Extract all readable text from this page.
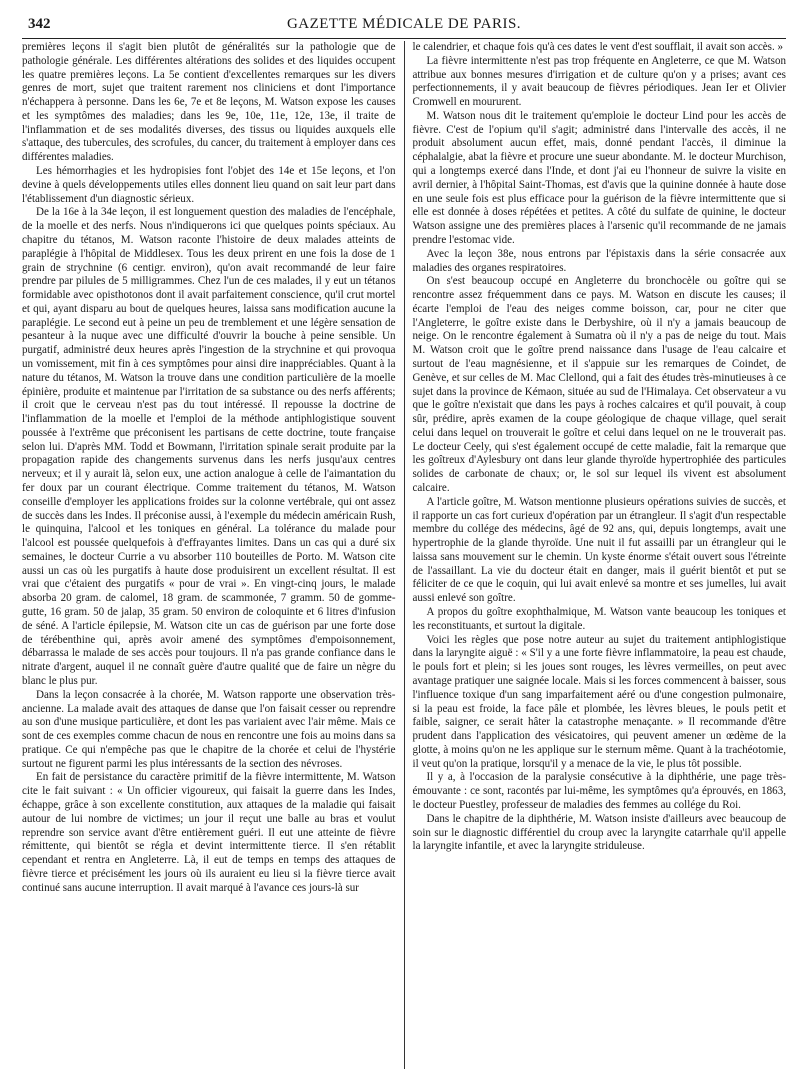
342	GAZETTE MÉDICALE DE PARIS.

premières leçons il s'agit bien plutôt de généralités sur la pathologie que de pathologie générale. Les différentes altérations des solides et des liquides occupent les quatre premières leçons. La 5e contient d'excellentes remarques sur les divers genres de mort, sujet que traitent rarement nos cliniciens et dont l'importance n'échappera à personne. Dans les 6e, 7e et 8e leçons, M. Watson expose les causes et les symptômes des maladies; dans les 9e, 10e, 11e, 12e, 13e, il traite de l'inflammation et de ses modalités diverses, des tissus ou liquides auxquels elle s'attaque, des tubercules, des scrofules, du cancer, du traitement à employer dans ces différentes maladies.

Les hémorrhagies et les hydropisies font l'objet des 14e et 15e leçons, et l'on devine à quels développements utiles elles donnent lieu quand on sait leur part dans l'établissement d'un diagnostic sérieux.

De la 16e à la 34e leçon, il est longuement question des maladies de l'encéphale, de la moelle et des nerfs. Nous n'indiquerons ici que quelques points spéciaux. Au chapitre du tétanos, M. Watson raconte l'histoire de deux malades atteints de paraplégie à l'hôpital de Middlesex. Tous les deux prirent en une fois la dose de 1 grain de strychnine (6 centigr. environ), qu'on avait recommandé de leur faire prendre par pilules de 5 milligrammes. Chez l'un de ces malades, il y eut un tétanos formidable avec opisthotonos dont il avait parfaitement conscience, qu'il crut mortel et qui, ayant disparu au bout de quelques heures, laissa sans modification aucune la paraplégie. Le second eut à peine un peu de tremblement et une légère sensation de pesanteur à la nuque avec une difficulté d'ouvrir la bouche à peine sensible. Un purgatif, administré deux heures après l'ingestion de la strychnine et qui provoqua un vomissement, mit fin à ces symptômes pour ainsi dire inappréciables. Quant à la nature du tétanos, M. Watson la trouve dans une condition particulière de la moelle épinière, produite et maintenue par l'irritation de sa substance ou des nerfs afférents; il croit que le cerveau n'est pas du tout intéressé. Il repousse la doctrine de l'inflammation de la moelle et l'emploi de la méthode antiphlogistique souvent poussée à l'extrême que préconisent les partisans de cette doctrine, toute française selon lui. D'après MM. Todd et Bowmann, l'irritation spinale serait produite par la propagation rapide des changements survenus dans les nerfs jusqu'aux centres nerveux; et il y aurait là, selon eux, une action analogue à celle de l'aimantation du fer doux par un courant électrique. Comme traitement du tétanos, M. Watson conseille d'employer les applications froides sur la colonne vertébrale, qui ont assez de succès dans les Indes. Il préconise aussi, à l'exemple du médecin américain Rush, le quinquina, l'alcool et les toniques en général. La tolérance du malade pour l'alcool est poussée quelquefois à d'effrayantes limites. Dans un cas qui a duré six semaines, le docteur Currie a vu absorber 110 bouteilles de Porto. M. Watson cite aussi un cas où les purgatifs à haute dose produisirent un excellent résultat. Il est vrai que c'étaient des purgatifs « pour de vrai ». En vingt-cinq jours, le malade absorba 20 gram. de calomel, 18 gram. de scammonée, 7 gramm. 50 de gomme-gutte, 16 gram. 50 de jalap, 35 gram. 50 environ de coloquinte et 6 litres d'infusion de séné. A l'article épilepsie, M. Watson cite un cas de guérison par une forte dose de térébenthine qui, après avoir amené des symptômes d'empoisonnement, débarrassa le malade de ses accès pour toujours. Il n'a pas grande confiance dans le nitrate d'argent, auquel il ne connaît guère d'autre qualité que de faire un nègre du blanc le plus pur.

Dans la leçon consacrée à la chorée, M. Watson rapporte une observation très-ancienne. La malade avait des attaques de danse que l'on faisait cesser ou reprendre au son d'une musique particulière, et dont les pas variaient avec l'air même. Mais ce sont de ces exemples comme chacun de nous en rencontre une fois au moins dans sa pratique. Ce qui n'empêche pas que le chapitre de la chorée et celui de l'hystérie surtout ne figurent parmi les plus intéressants de la section des névroses.

En fait de persistance du caractère primitif de la fièvre intermittente, M. Watson cite le fait suivant : « Un officier vigoureux, qui faisait la guerre dans les Indes, échappe, grâce à son excellente constitution, aux attaques de la maladie qui faisait autour de lui nombre de victimes; un jour il reçut une balle au bras et voulut reprendre son service avant d'être entièrement guéri. Il eut une atteinte de fièvre rémittente, qui bientôt se régla et devint intermittente tierce. Il s'en rétablit cependant et rentra en Angleterre. Là, il eut de temps en temps des attaques de fièvre tierce et précisément les jours où ils auraient eu lieu si la fièvre tierce avait continué sans aucune interruption. Il avait marqué à l'avance ces jours-là sur

le calendrier, et chaque fois qu'à ces dates le vent d'est soufflait, il avait son accès. »

La fièvre intermittente n'est pas trop fréquente en Angleterre, ce que M. Watson attribue aux bonnes mesures d'irrigation et de culture qu'on y a prises; avant ces perfectionnements, il y avait beaucoup de fièvres périodiques. Jean Ier et Olivier Cromwell en moururent.

M. Watson nous dit le traitement qu'emploie le docteur Lind pour les accès de fièvre. C'est de l'opium qu'il s'agit; administré dans l'intervalle des accès, il ne produit absolument aucun effet, mais, donné pendant l'accès, il diminue la céphalalgie, abat la fièvre et procure une sueur abondante. M. le docteur Murchison, qui a longtemps exercé dans l'Inde, et dont j'ai eu l'honneur de suivre la visite en avril dernier, à l'hôpital Saint-Thomas, est d'avis que la quinine donnée à haute dose en une seule fois est plus efficace pour la guérison de la fièvre intermittente que si elle est donnée à doses répétées et petites. A côté du sulfate de quinine, le docteur Watson assigne une des premières places à l'arsenic qu'il recommande de ne jamais prendre l'estomac vide.

Avec la leçon 38e, nous entrons par l'épistaxis dans la série consacrée aux maladies des organes respiratoires.

On s'est beaucoup occupé en Angleterre du bronchocèle ou goître qui se rencontre assez fréquemment dans ce pays. M. Watson en discute les causes; il écarte l'emploi de l'eau des neiges comme boisson, car, pour ne citer que l'Angleterre, le goître existe dans le Derbyshire, où il n'y a jamais beaucoup de neige. On le rencontre également à Sumatra où il n'y a pas de neige du tout. Mais M. Watson croit que le goître prend naissance dans l'usage de l'eau calcaire et surtout de l'eau magnésienne, et il s'appuie sur les remarques de Coindet, de Genève, et sur celles de M. Mac Clellond, qui a fait des études très-minutieuses à ce sujet dans la province de Kémaon, située au sud de l'Himalaya. Cet observateur a vu que le goître n'existait que dans les pays à roches calcaires et qu'il pouvait, à coup sûr, prédire, après examen de la coupe géologique de chaque village, quel serait celui dans lequel on trouverait le goître et celui dans lequel on ne le trouverait pas. Le docteur Ceely, qui s'est également occupé de cette maladie, fait la remarque que les goîtreux d'Aylesbury ont dans leur glande thyroïde hypertrophiée des particules solides de carbonate de chaux; or, le sol sur lequel ils vivent est absolument calcaire.

A l'article goître, M. Watson mentionne plusieurs opérations suivies de succès, et il rapporte un cas fort curieux d'opération par un étrangleur. Il s'agit d'un respectable membre du collége des médecins, âgé de 92 ans, qui, depuis longtemps, avait une hypertrophie de la glande thyroïde. Une nuit il fut assailli par un étrangleur qui le laissa sans mouvement sur le chemin. Un kyste énorme s'était ouvert sous l'étreinte de l'assaillant. La vie du docteur était en danger, mais il guérit bientôt et put se féliciter de ce que le coquin, qui lui avait enlevé sa montre et ses jumelles, lui avait aussi enlevé son goître.

A propos du goître exophthalmique, M. Watson vante beaucoup les toniques et les reconstituants, et surtout la digitale.

Voici les règles que pose notre auteur au sujet du traitement antiphlogistique dans la laryngite aiguë : « S'il y a une forte fièvre inflammatoire, la peau est chaude, le pouls fort et plein; si les joues sont rouges, les lèvres vermeilles, on peut avec avantage pratiquer une saignée locale. Mais si les forces commencent à baisser, sous l'influence toxique d'un sang imparfaitement aéré ou d'une congestion pulmonaire, si la peau est froide, la face pâle et plombée, les lèvres bleues, le pouls petit et faible, saigner, ce serait hâter la catastrophe menaçante. » Il recommande d'être prudent dans l'application des vésicatoires, qui peuvent amener un œdème de la glotte, à moins qu'on ne les applique sur le sternum même. Quant à la trachéotomie, il veut qu'on la pratique, lorsqu'il y a menace de la vie, le plus tôt possible.

Il y a, à l'occasion de la paralysie consécutive à la diphthérie, une page très-émouvante : ce sont, racontés par lui-même, les symptômes qu'a éprouvés, en 1863, le docteur Puestley, professeur de maladies des femmes au collége du Roi.

Dans le chapitre de la diphthérie, M. Watson insiste d'ailleurs avec beaucoup de soin sur le diagnostic différentiel du croup avec la laryngite catarrhale qu'il appelle la laryngite infantile, et avec la laryngite striduleuse.
